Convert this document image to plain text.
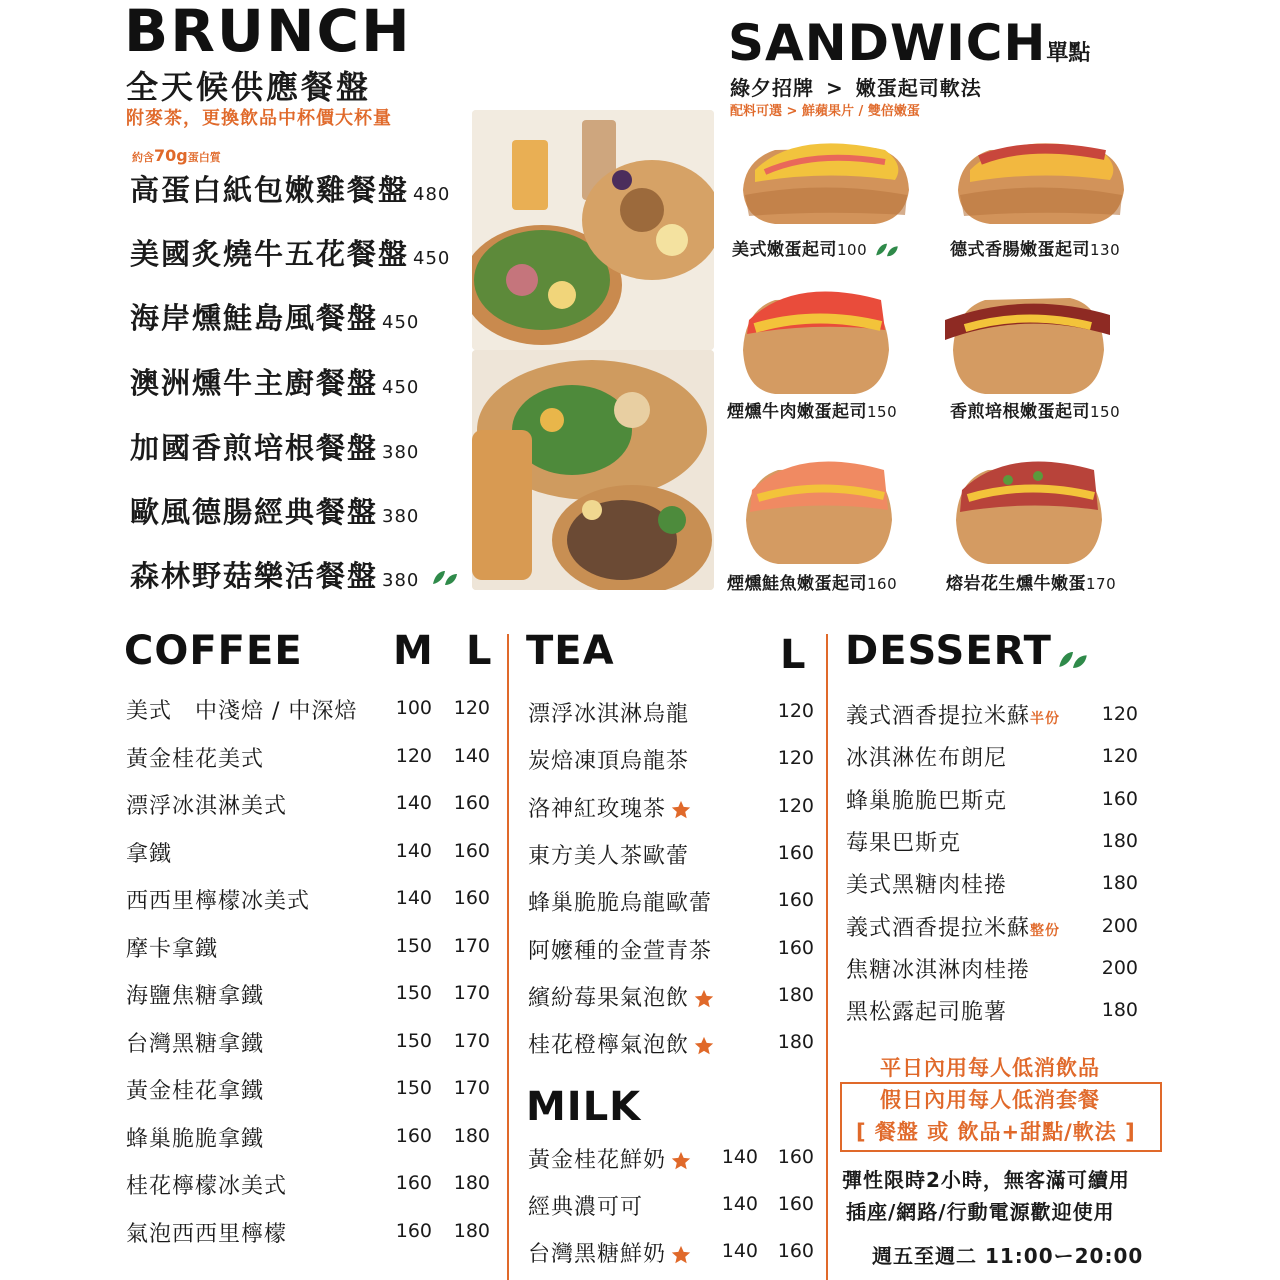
BRUNCH
全天候供應餐盤
附麥茶，更換飲品中杯價大杯量
約含70g蛋白質
高蛋白紙包嫩雞餐盤 480
美國炙燒牛五花餐盤 450
海岸燻鮭島風餐盤 450
澳洲燻牛主廚餐盤 450
加國香煎培根餐盤 380
歐風德腸經典餐盤 380
森林野菇樂活餐盤 380
SANDWICH單點
綠夕招牌 > 嫩蛋起司軟法
配料可選 > 鮮蘋果片 / 雙倍嫩蛋
美式嫩蛋起司100	德式香腸嫩蛋起司130
煙燻牛肉嫩蛋起司150	香煎培根嫩蛋起司150
煙燻鮭魚嫩蛋起司160	熔岩花生燻牛嫩蛋170
COFFEE M L
美式　中淺焙 / 中深焙	100	120
黃金桂花美式	120	140
漂浮冰淇淋美式	140	160
拿鐵	140	160
西西里檸檬冰美式	140	160
摩卡拿鐵	150	170
海鹽焦糖拿鐵	150	170
台灣黑糖拿鐵	150	170
黃金桂花拿鐵	150	170
蜂巢脆脆拿鐵	160	180
桂花檸檬冰美式	160	180
氣泡西西里檸檬	160	180
TEA	L
漂浮冰淇淋烏龍	120
炭焙凍頂烏龍茶	120
洛神紅玫瑰茶	120
東方美人茶歐蕾	160
蜂巢脆脆烏龍歐蕾	160
阿嬤種的金萱青茶	160
繽紛莓果氣泡飲	180
桂花橙檸氣泡飲	180
MILK
黃金桂花鮮奶	140	160
經典濃可可	140	160
台灣黑糖鮮奶	140	160
DESSERT
義式酒香提拉米蘇半份	120
冰淇淋佐布朗尼	120
蜂巢脆脆巴斯克	160
莓果巴斯克	180
美式黑糖肉桂捲	180
義式酒香提拉米蘇整份	200
焦糖冰淇淋肉桂捲	200
黑松露起司脆薯	180
平日內用每人低消飲品
假日內用每人低消套餐
[ 餐盤 或 飲品+甜點/軟法 ]
彈性限時2小時，無客滿可續用
插座/網路/行動電源歡迎使用
週五至週二 11:00ー20:00
